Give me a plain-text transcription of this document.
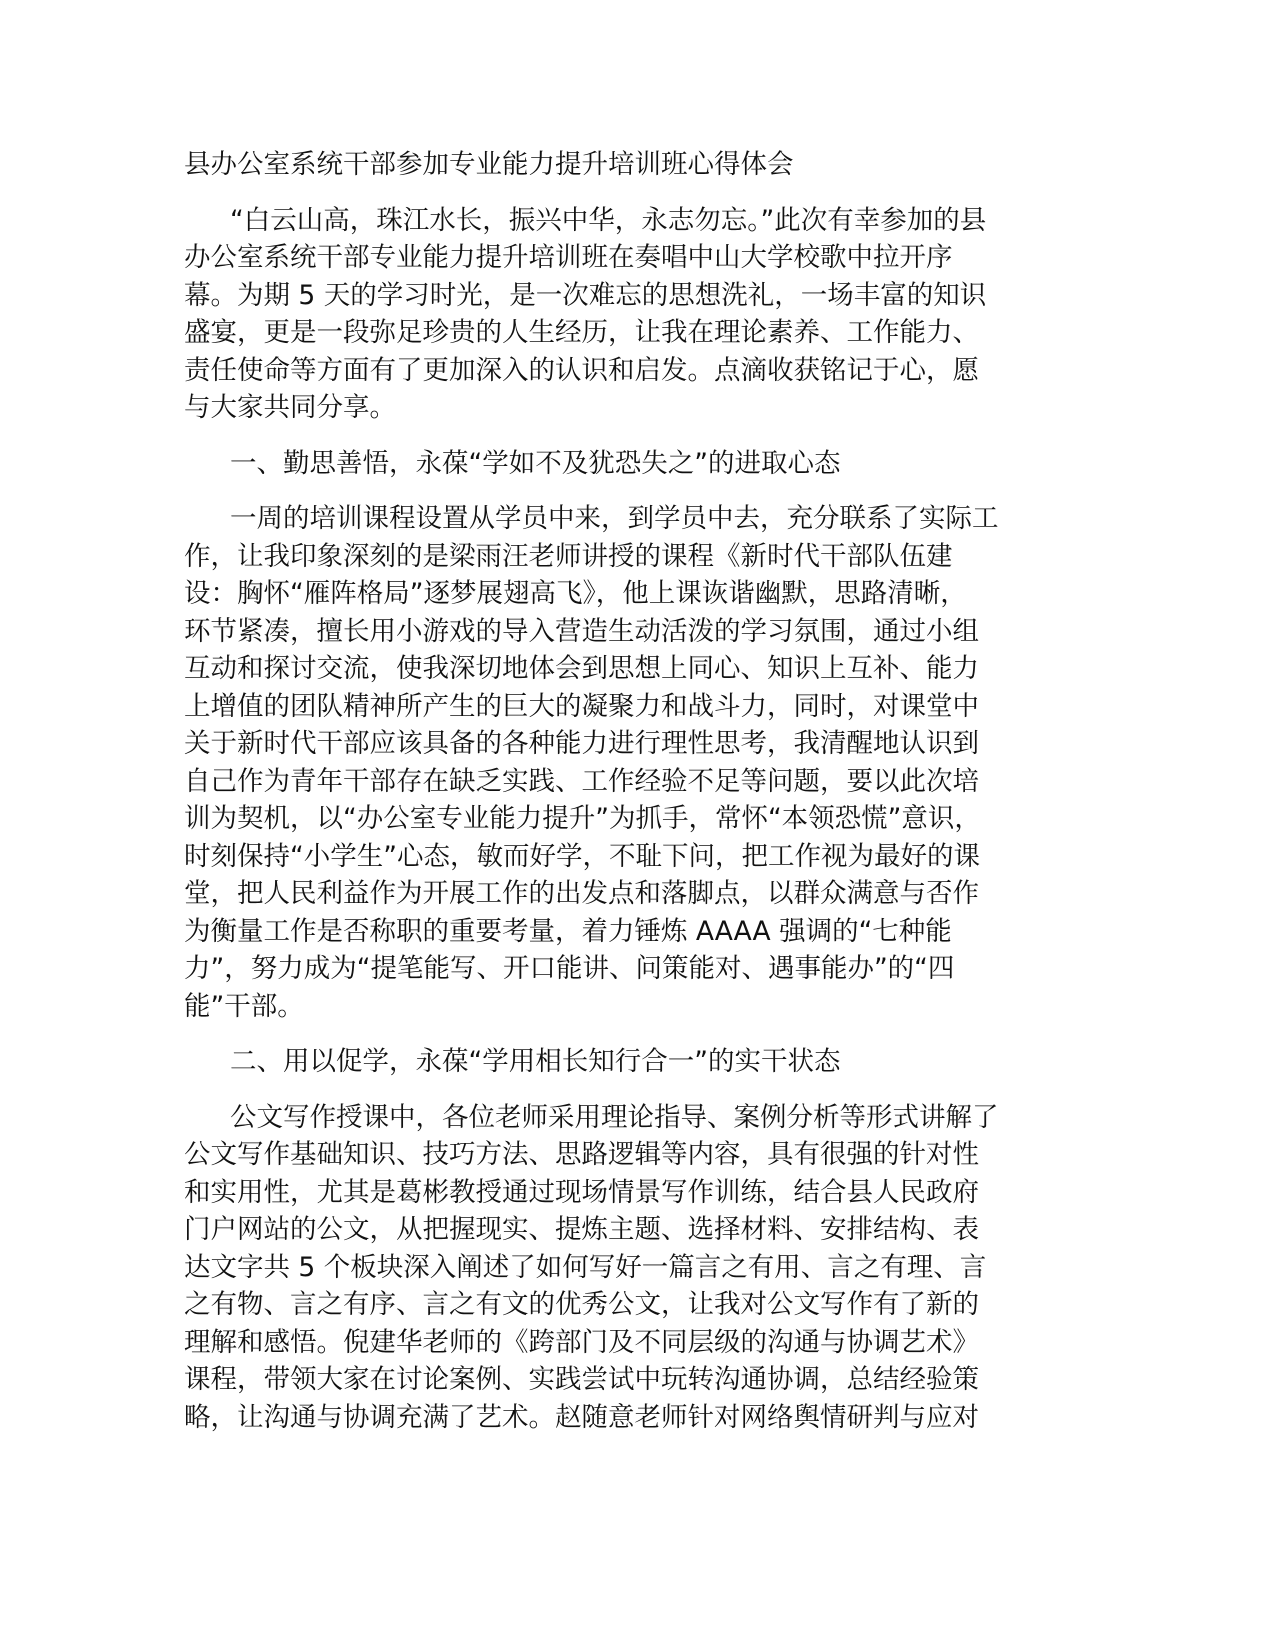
县办公室系统干部参加专业能力提升培训班心得体会
“白云山高，珠江水长，振兴中华，永志勿忘。”此次有幸参加的县
办公室系统干部专业能力提升培训班在奏唱中山大学校歌中拉开序
幕。为期 5 天的学习时光，是一次难忘的思想洗礼，一场丰富的知识
盛宴，更是一段弥足珍贵的人生经历，让我在理论素养、工作能力、
责任使命等方面有了更加深入的认识和启发。点滴收获铭记于心，愿
与大家共同分享。
一、勤思善悟，永葆“学如不及犹恐失之”的进取心态
一周的培训课程设置从学员中来，到学员中去，充分联系了实际工
作，让我印象深刻的是梁雨汪老师讲授的课程《新时代干部队伍建
设：胸怀“雁阵格局”逐梦展翅高飞》，他上课诙谐幽默，思路清晰，
环节紧凑，擅长用小游戏的导入营造生动活泼的学习氛围，通过小组
互动和探讨交流，使我深切地体会到思想上同心、知识上互补、能力
上增值的团队精神所产生的巨大的凝聚力和战斗力，同时，对课堂中
关于新时代干部应该具备的各种能力进行理性思考，我清醒地认识到
自己作为青年干部存在缺乏实践、工作经验不足等问题，要以此次培
训为契机，以“办公室专业能力提升”为抓手，常怀“本领恐慌”意识，
时刻保持“小学生”心态，敏而好学，不耻下问，把工作视为最好的课
堂，把人民利益作为开展工作的出发点和落脚点，以群众满意与否作
为衡量工作是否称职的重要考量，着力锤炼 AAAA 强调的“七种能
力”，努力成为“提笔能写、开口能讲、问策能对、遇事能办”的“四
能”干部。
二、用以促学，永葆“学用相长知行合一”的实干状态
公文写作授课中，各位老师采用理论指导、案例分析等形式讲解了
公文写作基础知识、技巧方法、思路逻辑等内容，具有很强的针对性
和实用性，尤其是葛彬教授通过现场情景写作训练，结合县人民政府
门户网站的公文，从把握现实、提炼主题、选择材料、安排结构、表
达文字共 5 个板块深入阐述了如何写好一篇言之有用、言之有理、言
之有物、言之有序、言之有文的优秀公文，让我对公文写作有了新的
理解和感悟。倪建华老师的《跨部门及不同层级的沟通与协调艺术》
课程，带领大家在讨论案例、实践尝试中玩转沟通协调，总结经验策
略，让沟通与协调充满了艺术。赵随意老师针对网络舆情研判与应对
